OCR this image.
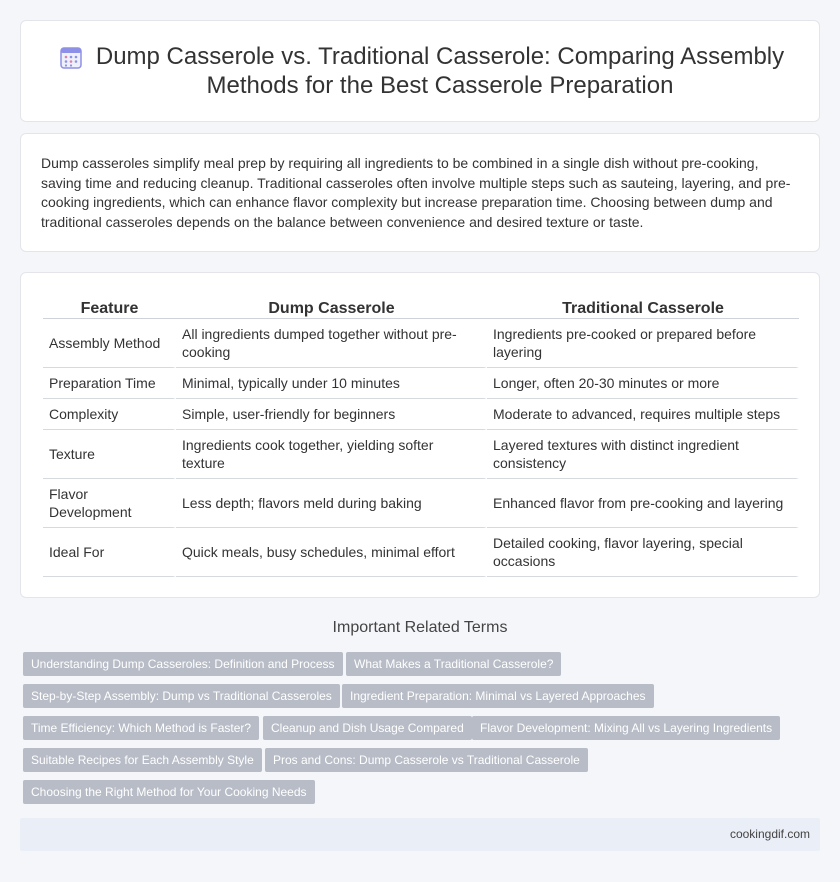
Dump Casserole vs. Traditional Casserole: Comparing Assembly Methods for the Best Casserole Preparation

Dump casseroles simplify meal prep by requiring all ingredients to be combined in a single dish without pre-cooking, saving time and reducing cleanup. Traditional casseroles often involve multiple steps such as sauteing, layering, and pre-cooking ingredients, which can enhance flavor complexity but increase preparation time. Choosing between dump and traditional casseroles depends on the balance between convenience and desired texture or taste.

Feature	Dump Casserole	Traditional Casserole
Assembly Method	All ingredients dumped together without pre-cooking	Ingredients pre-cooked or prepared before layering
Preparation Time	Minimal, typically under 10 minutes	Longer, often 20-30 minutes or more
Complexity	Simple, user-friendly for beginners	Moderate to advanced, requires multiple steps
Texture	Ingredients cook together, yielding softer texture	Layered textures with distinct ingredient consistency
Flavor Development	Less depth; flavors meld during baking	Enhanced flavor from pre-cooking and layering
Ideal For	Quick meals, busy schedules, minimal effort	Detailed cooking, flavor layering, special occasions
Important Related Terms
Understanding Dump Casseroles: Definition and Process	What Makes a Traditional Casserole?
Step-by-Step Assembly: Dump vs Traditional Casseroles	Ingredient Preparation: Minimal vs Layered Approaches
Time Efficiency: Which Method is Faster?	Cleanup and Dish Usage Compared	Flavor Development: Mixing All vs Layering Ingredients
Suitable Recipes for Each Assembly Style	Pros and Cons: Dump Casserole vs Traditional Casserole
Choosing the Right Method for Your Cooking Needs
cookingdif.com
